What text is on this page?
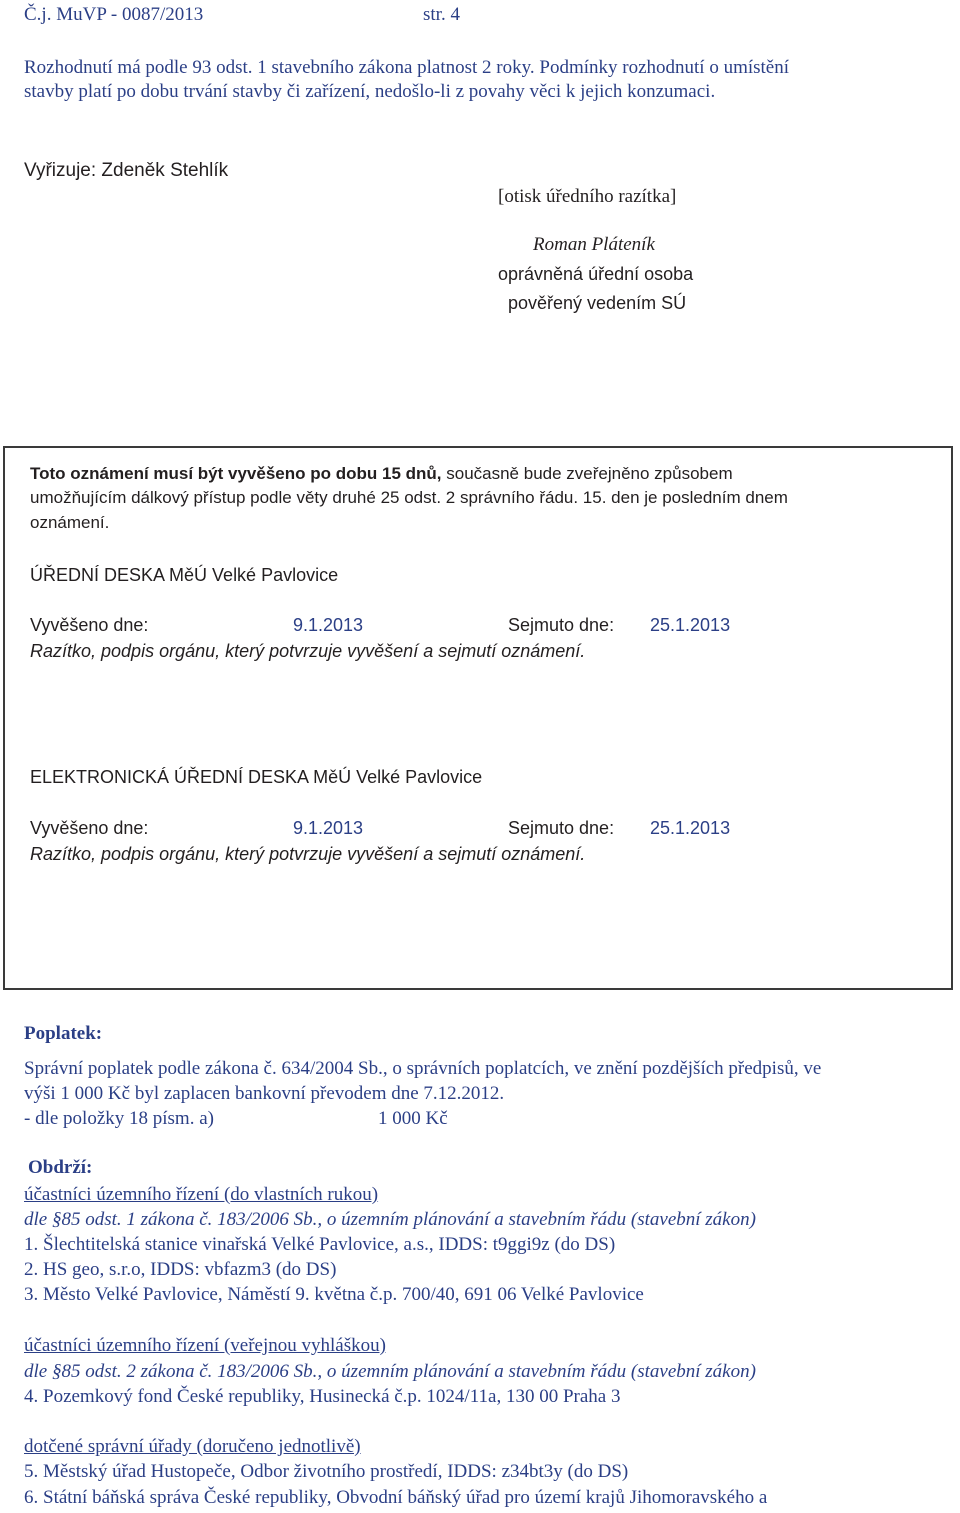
Č.j. MuVP - 0087/2013	str. 4
Rozhodnutí má podle 93 odst. 1 stavebního zákona platnost 2 roky. Podmínky rozhodnutí o umístění
stavby platí po dobu trvání stavby či zařízení, nedošlo-li z povahy věci k jejich konzumaci.
Vyřizuje: Zdeněk Stehlík
[otisk úředního razítka]
Roman Pláteník
oprávněná úřední osoba
pověřený vedením SÚ
Toto oznámení musí být vyvěšeno po dobu 15 dnů, současně bude zveřejněno způsobem
umožňujícím dálkový přístup podle věty druhé 25 odst. 2 správního řádu. 15. den je posledním dnem
oznámení.
ÚŘEDNÍ DESKA MěÚ Velké Pavlovice
Vyvěšeno dne:	9.1.2013	Sejmuto dne: 25.1.2013
Razítko, podpis orgánu, který potvrzuje vyvěšení a sejmutí oznámení.
ELEKTRONICKÁ ÚŘEDNÍ DESKA MěÚ Velké Pavlovice
Vyvěšeno dne:	9.1.2013	Sejmuto dne: 25.1.2013
Razítko, podpis orgánu, který potvrzuje vyvěšení a sejmutí oznámení.
Poplatek:
Správní poplatek podle zákona č. 634/2004 Sb., o správních poplatcích, ve znění pozdějších předpisů, ve
výši 1 000 Kč byl zaplacen bankovní převodem dne 7.12.2012.
- dle položky 18 písm. a)	1 000 Kč
Obdrží:
účastníci územního řízení (do vlastních rukou)
dle §85 odst. 1 zákona č. 183/2006 Sb., o územním plánování a stavebním řádu (stavební zákon)
1. Šlechtitelská stanice vinařská Velké Pavlovice, a.s., IDDS: t9ggi9z (do DS)
2. HS geo, s.r.o, IDDS: vbfazm3 (do DS)
3. Město Velké Pavlovice, Náměstí 9. května č.p. 700/40, 691 06 Velké Pavlovice
účastníci územního řízení (veřejnou vyhláškou)
dle §85 odst. 2 zákona č. 183/2006 Sb., o územním plánování a stavebním řádu (stavební zákon)
4. Pozemkový fond České republiky, Husinecká č.p. 1024/11a, 130 00 Praha 3
dotčené správní úřady (doručeno jednotlivě)
5. Městský úřad Hustopeče, Odbor životního prostředí, IDDS: z34bt3y (do DS)
6. Státní báňská správa České republiky, Obvodní báňský úřad pro území krajů Jihomoravského a
